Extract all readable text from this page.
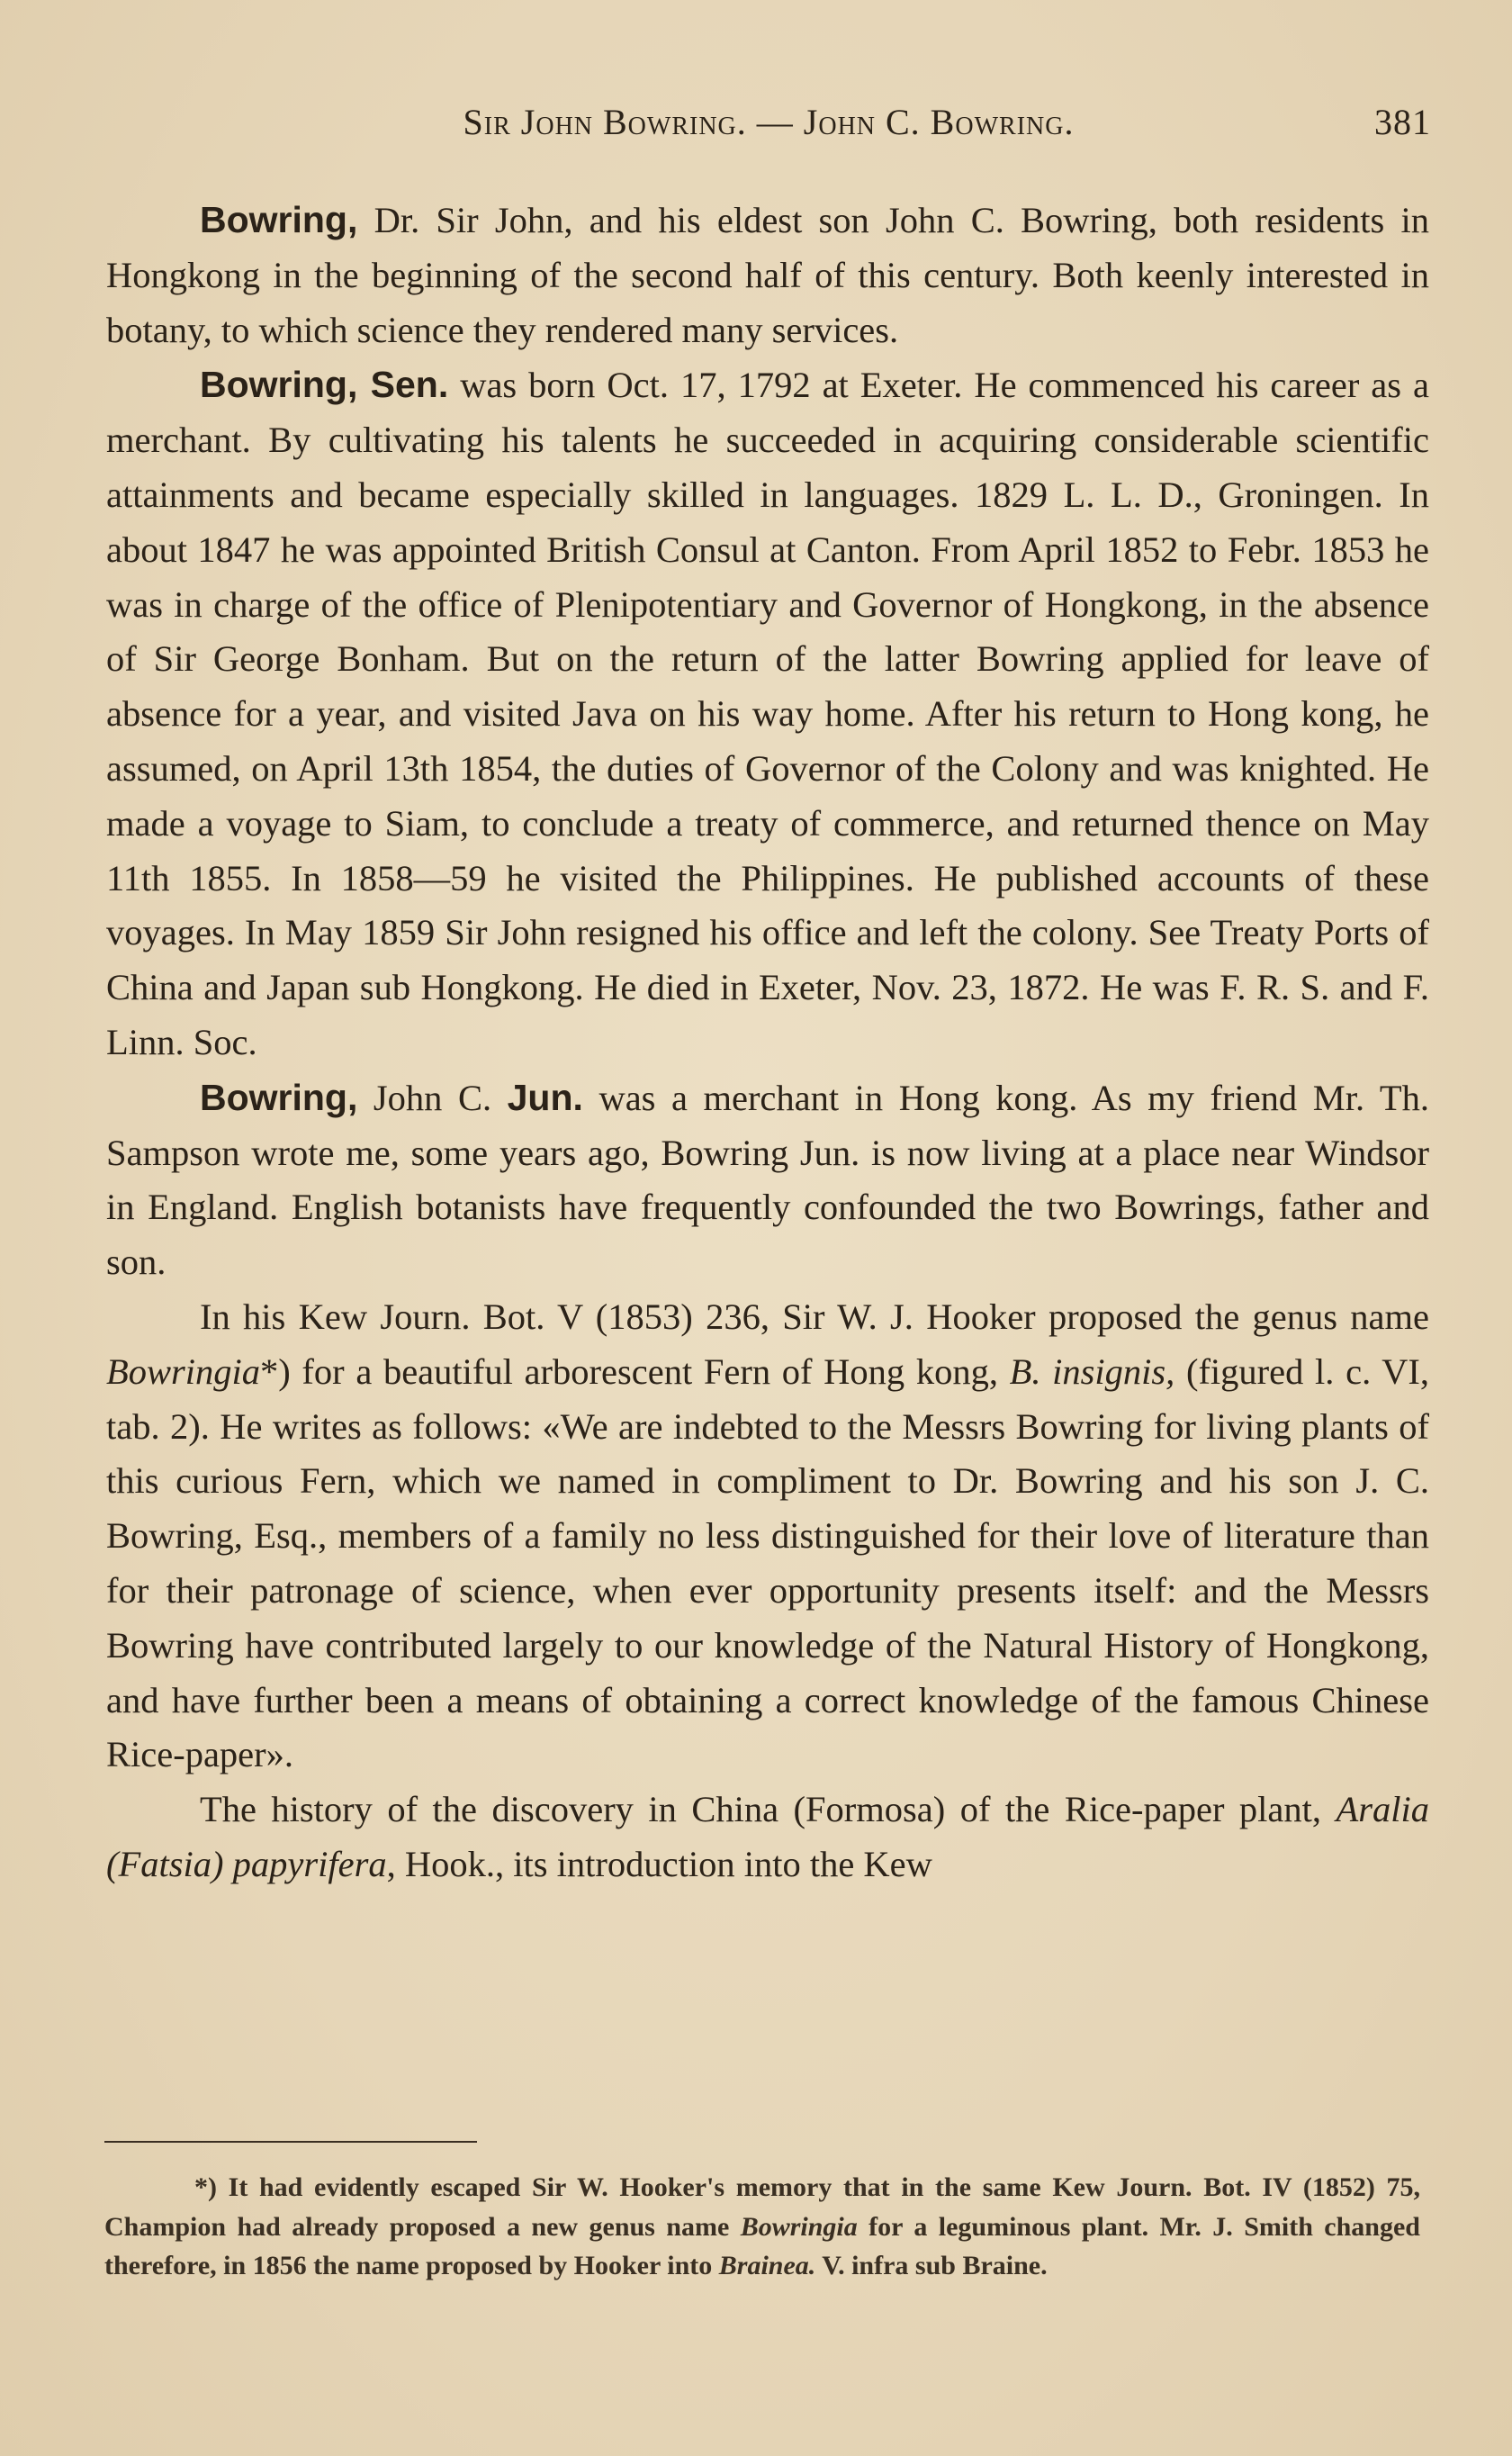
Sir John Bowring. — John C. Bowring.	381

Bowring, Dr. Sir John, and his eldest son John C. Bowring, both residents in Hongkong in the beginning of the second half of this century. Both keenly interested in botany, to which science they rendered many services.

Bowring, Sen. was born Oct. 17, 1792 at Exeter. He commenced his career as a merchant. By cultivating his talents he succeeded in acquiring considerable scientific attainments and became especially skilled in languages. 1829 L. L. D., Groningen. In about 1847 he was appointed British Consul at Canton. From April 1852 to Febr. 1853 he was in charge of the office of Plenipotentiary and Governor of Hongkong, in the absence of Sir George Bonham. But on the return of the latter Bowring applied for leave of absence for a year, and visited Java on his way home. After his return to Hong kong, he assumed, on April 13th 1854, the duties of Governor of the Colony and was knighted. He made a voyage to Siam, to conclude a treaty of commerce, and returned thence on May 11th 1855. In 1858—59 he visited the Philippines. He published accounts of these voyages. In May 1859 Sir John resigned his office and left the colony. See Treaty Ports of China and Japan sub Hongkong. He died in Exeter, Nov. 23, 1872. He was F. R. S. and F. Linn. Soc.

Bowring, John C. Jun. was a merchant in Hong kong. As my friend Mr. Th. Sampson wrote me, some years ago, Bowring Jun. is now living at a place near Windsor in England. English botanists have frequently confounded the two Bowrings, father and son.

In his Kew Journ. Bot. V (1853) 236, Sir W. J. Hooker proposed the genus name Bowringia*) for a beautiful arborescent Fern of Hong kong, B. insignis, (figured l. c. VI, tab. 2). He writes as follows: «We are indebted to the Messrs Bowring for living plants of this curious Fern, which we named in compliment to Dr. Bowring and his son J. C. Bowring, Esq., members of a family no less distinguished for their love of literature than for their patronage of science, when ever opportunity presents itself: and the Messrs Bowring have contributed largely to our knowledge of the Natural History of Hongkong, and have further been a means of obtaining a correct knowledge of the famous Chinese Rice-paper».

The history of the discovery in China (Formosa) of the Rice-paper plant, Aralia (Fatsia) papyrifera, Hook., its introduction into the Kew

*) It had evidently escaped Sir W. Hooker's memory that in the same Kew Journ. Bot. IV (1852) 75, Champion had already proposed a new genus name Bowringia for a leguminous plant. Mr. J. Smith changed therefore, in 1856 the name proposed by Hooker into Brainea. V. infra sub Braine.
